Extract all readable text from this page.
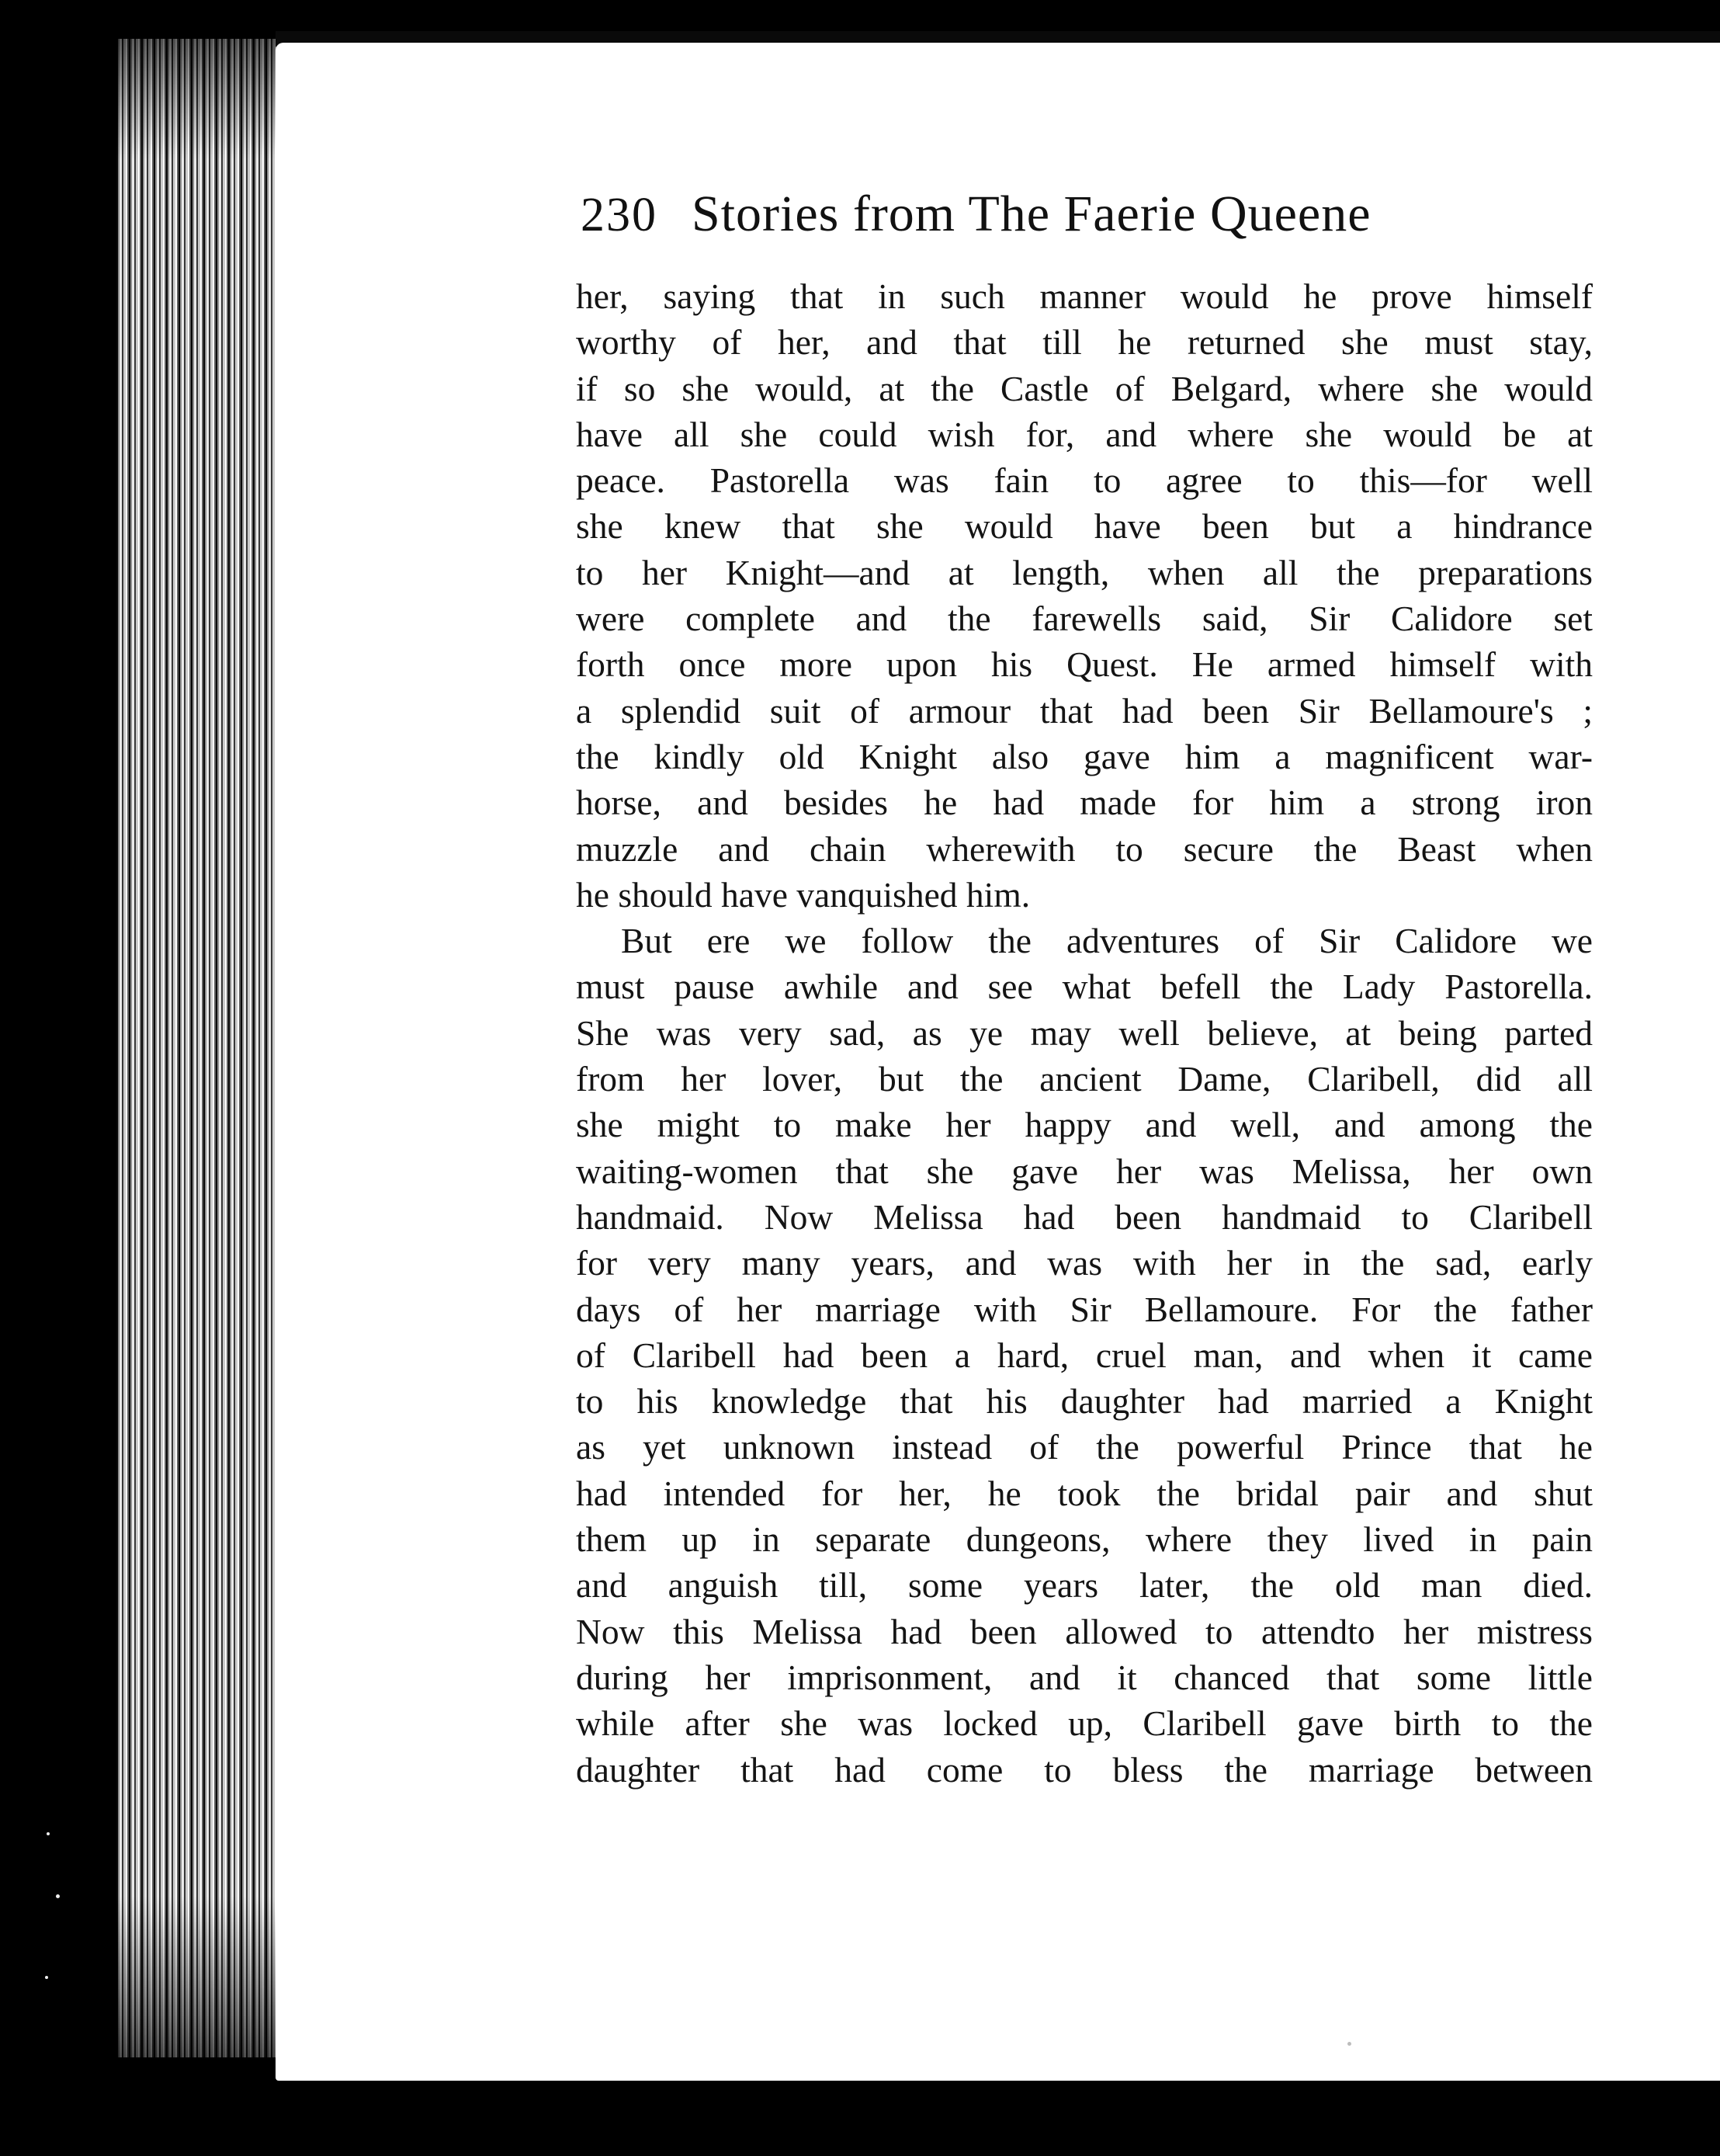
230 Stories from The Faerie Queene
her, saying that in such manner would he prove himself
worthy of her, and that till he returned she must stay,
if so she would, at the Castle of Belgard, where she would
have all she could wish for, and where she would be at
peace. Pastorella was fain to agree to this—for well
she knew that she would have been but a hindrance
to her Knight—and at length, when all the preparations
were complete and the farewells said, Sir Calidore set
forth once more upon his Quest. He armed himself with
a splendid suit of armour that had been Sir Bellamoure's ;
the kindly old Knight also gave him a magnificent war-
horse, and besides he had made for him a strong iron
muzzle and chain wherewith to secure the Beast when
he should have vanquished him.
But ere we follow the adventures of Sir Calidore we
must pause awhile and see what befell the Lady Pastorella.
She was very sad, as ye may well believe, at being parted
from her lover, but the ancient Dame, Claribell, did all
she might to make her happy and well, and among the
waiting-women that she gave her was Melissa, her own
handmaid. Now Melissa had been handmaid to Claribell
for very many years, and was with her in the sad, early
days of her marriage with Sir Bellamoure. For the father
of Claribell had been a hard, cruel man, and when it came
to his knowledge that his daughter had married a Knight
as yet unknown instead of the powerful Prince that he
had intended for her, he took the bridal pair and shut
them up in separate dungeons, where they lived in pain
and anguish till, some years later, the old man died.
Now this Melissa had been allowed to attendto her mistress
during her imprisonment, and it chanced that some little
while after she was locked up, Claribell gave birth to the
daughter that had come to bless the marriage between
